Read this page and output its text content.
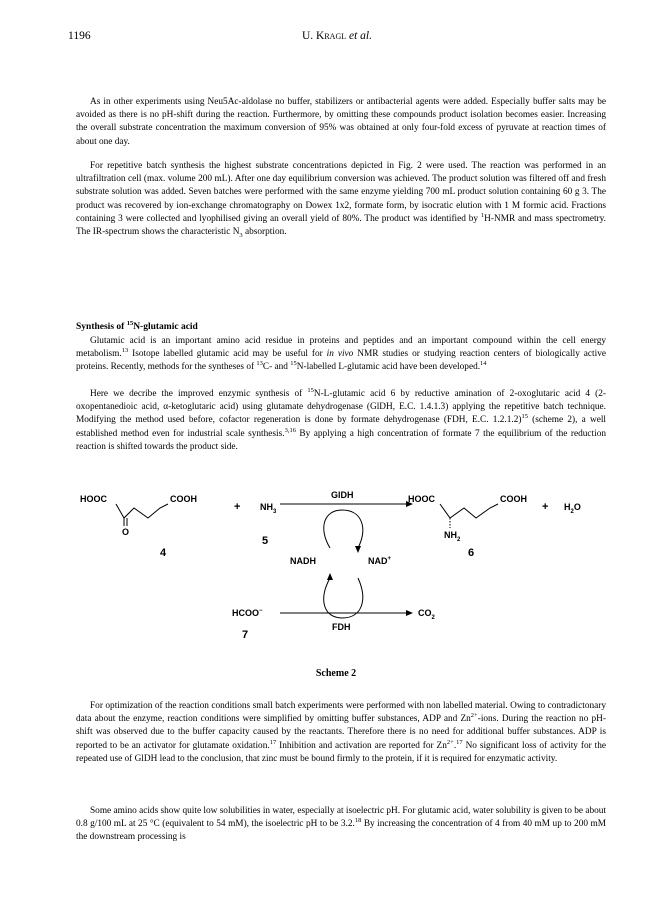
1196	U. Kragl et al.

As in other experiments using Neu5Ac-aldolase no buffer, stabilizers or antibacterial agents were added. Especially buffer salts may be avoided as there is no pH-shift during the reaction. Furthermore, by omitting these compounds product isolation becomes easier. Increasing the overall substrate concentration the maximum conversion of 95% was obtained at only four-fold excess of pyruvate at reaction times of about one day.

For repetitive batch synthesis the highest substrate concentrations depicted in Fig. 2 were used. The reaction was performed in an ultrafiltration cell (max. volume 200 mL). After one day equilibrium conversion was achieved. The product solution was filtered off and fresh substrate solution was added. Seven batches were performed with the same enzyme yielding 700 mL product solution containing 60 g 3. The product was recovered by ion-exchange chromatography on Dowex 1x2, formate form, by isocratic elution with 1 M formic acid. Fractions containing 3 were collected and lyophilised giving an overall yield of 80%. The product was identified by $^1$H-NMR and mass spectrometry. The IR-spectrum shows the characteristic $N_3$ absorption.

Synthesis of $^{15}$N-glutamic acid

Glutamic acid is an important amino acid residue in proteins and peptides and an important compound within the cell energy metabolism.$^{13}$ Isotope labelled glutamic acid may be useful for in vivo NMR studies or studying reaction centers of biologically active proteins. Recently, methods for the syntheses of $^{13}$C- and $^{15}$N-labelled L-glutamic acid have been developed.$^{14}$

Here we decribe the improved enzymic synthesis of $^{15}$N-L-glutamic acid 6 by reductive amination of 2-oxoglutaric acid 4 (2-oxopentanedioic acid, α-ketoglutaric acid) using glutamate dehydrogenase (GlDH, E.C. 1.4.1.3) applying the repetitive batch technique. Modifying the method used before, cofactor regeneration is done by formate dehydrogenase (FDH, E.C. 1.2.1.2)$^{15}$ (scheme 2), a well established method even for industrial scale synthesis.$^{3,16}$ By applying a high concentration of formate 7 the equilibrium of the reduction reaction is shifted towards the product side.

HOOC	COOH
O
+ $NH_3$
4
5
GlDH
NADH	NAD+
HOOC	COOH
$NH_2$
6
+ $H_2O$
HCOO−
7
FDH
$CO_2$
Scheme 2

For optimization of the reaction conditions small batch experiments were performed with non labelled material. Owing to contradictonary data about the enzyme, reaction conditions were simplified by omitting buffer substances, ADP and $Zn^{2+}$-ions. During the reaction no pH-shift was observed due to the buffer capacity caused by the reactants. Therefore there is no need for additional buffer substances. ADP is reported to be an activator for glutamate oxidation.$^{17}$ Inhibition and activation are reported for $Zn^{2+}.^{17}$ No significant loss of activity for the repeated use of GlDH lead to the conclusion, that zinc must be bound firmly to the protein, if it is required for enzymatic activity.

Some amino acids show quite low solubilities in water, especially at isoelectric pH. For glutamic acid, water solubility is given to be about 0.8 g/100 mL at 25 °C (equivalent to 54 mM), the isoelectric pH to be 3.2.18 By increasing the concentration of 4 from 40 mM up to 200 mM the downstream processing is
